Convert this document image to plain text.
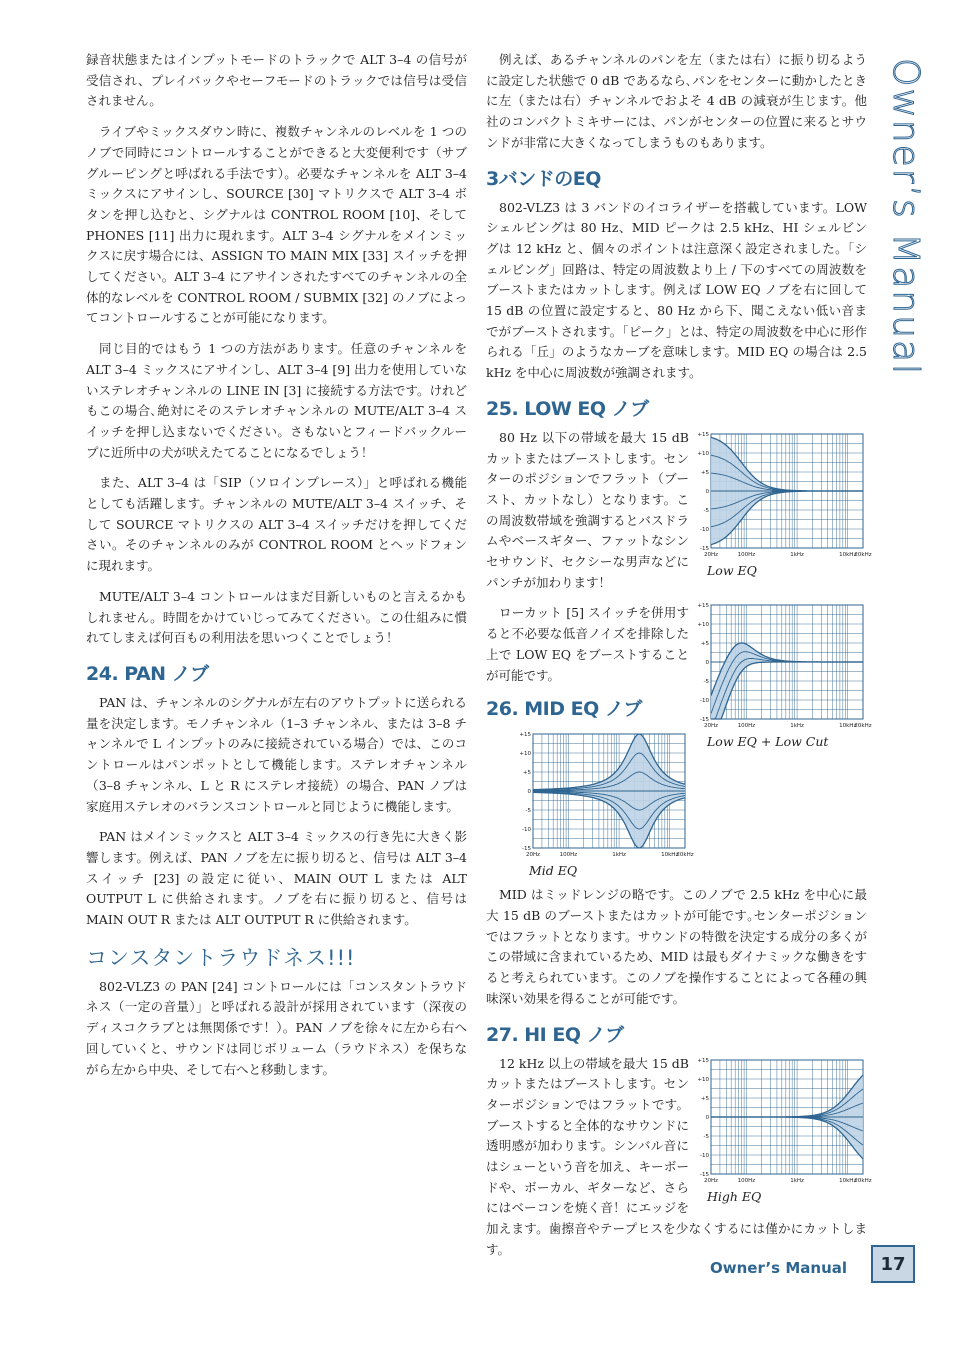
Owner’s Manual

録音状態またはインプットモードのトラックで ALT 3–4 の信号が受信され、プレイバックやセーフモードのトラックでは信号は受信されません。

ライブやミックスダウン時に、複数チャンネルのレベルを 1 つのノブで同時にコントロールすることができると大変便利です（サブグルーピングと呼ばれる手法です）。必要なチャンネルを ALT 3–4 ミックスにアサインし、SOURCE [30] マトリクスで ALT 3–4 ボタンを押し込むと、シグナルは CONTROL ROOM [10]、そして PHONES [11] 出力に現れます。ALT 3–4 シグナルをメインミックスに戻す場合には、ASSIGN TO MAIN MIX [33] スイッチを押してください。ALT 3–4 にアサインされたすべてのチャンネルの全体的なレベルを CONTROL ROOM / SUBMIX [32] のノブによってコントロールすることが可能になります。

同じ目的ではもう 1 つの方法があります。任意のチャンネルを ALT 3–4 ミックスにアサインし、ALT 3–4 [9] 出力を使用していないステレオチャンネルの LINE IN [3] に接続する方法です。けれどもこの場合､絶対にそのステレオチャンネルの MUTE/ALT 3–4 スイッチを押し込まないでください。さもないとフィードバックループに近所中の犬が吠えたてることになるでしょう！

また、ALT 3–4 は「SIP（ソロインプレース）」と呼ばれる機能としても活躍します。チャンネルの MUTE/ALT 3–4 スイッチ、そして SOURCE マトリクスの ALT 3–4 スイッチだけを押してください。そのチャンネルのみが CONTROL ROOM とヘッドフォンに現れます。

MUTE/ALT 3–4 コントロールはまだ目新しいものと言えるかもしれません。時間をかけていじってみてください。この仕組みに慣れてしまえば何百もの利用法を思いつくことでしょう！

24. PAN ノブ

PAN は、チャンネルのシグナルが左右のアウトプットに送られる量を決定します。モノチャンネル（1–3 チャンネル、または 3–8 チャンネルで L インプットのみに接続されている場合）では、このコントロールはパンポットとして機能します。ステレオチャンネル（3–8 チャンネル、L と R にステレオ接続）の場合、PAN ノブは家庭用ステレオのバランスコントロールと同じように機能します。

PAN はメインミックスと ALT 3–4 ミックスの行き先に大きく影響します。例えば、PAN ノブを左に振り切ると、信号は ALT 3–4 スイッチ [23] の設定に従い、MAIN OUT L または ALT OUTPUT L に供給されます。ノブを右に振り切ると、信号は MAIN OUT R または ALT OUTPUT R に供給されます。

コンスタントラウドネス!!!

802-VLZ3 の PAN [24] コントロールには「コンスタントラウドネス（一定の音量）」と呼ばれる設計が採用されています（深夜のディスコクラブとは無関係です！）。PAN ノブを徐々に左から右へ回していくと、サウンドは同じボリューム（ラウドネス）を保ちながら左から中央、そして右へと移動します。

例えば、あるチャンネルのパンを左（または右）に振り切るように設定した状態で 0 dB であるなら､パンをセンターに動かしたときに左（または右）チャンネルでおよそ 4 dB の減衰が生じます。他社のコンパクトミキサーには、パンがセンターの位置に来るとサウンドが非常に大きくなってしまうものもあります。

3バンドのEQ

802-VLZ3 は 3 バンドのイコライザーを搭載しています。LOW シェルビングは 80 Hz、MID ピークは 2.5 kHz、HI シェルビングは 12 kHz と、個々のポイントは注意深く設定されました。「シェルビング」回路は、特定の周波数より上 / 下のすべての周波数をブーストまたはカットします。例えば LOW EQ ノブを右に回して 15 dB の位置に設定すると、80 Hz から下、聞こえない低い音までがブーストされます。「ピーク」とは、特定の周波数を中心に形作られる「丘」のようなカーブを意味します。MID EQ の場合は 2.5 kHz を中心に周波数が強調されます。

25. LOW EQ ノブ
+15
+10
+5
0
-5
-10
-15
20Hz	100Hz	1kHz	10kHz
20kHz
Low EQ
+15
+10
+5
0
-5
-10
-15
20Hz	100Hz	1kHz	10kHz
20kHz
Low EQ + Low Cut

80 Hz 以下の帯域を最大 15 dB カットまたはブーストします。センターのポジションでフラット（ブースト、カットなし）となります。この周波数帯域を強調するとバスドラムやベースギター、ファットなシンセサウンド、セクシーな男声などにパンチが加わります！

ローカット [5] スイッチを併用すると不必要な低音ノイズを排除した上で LOW EQ をブーストすることが可能です。

26. MID EQ ノブ
+15
+10
+5
0
-5
-10
-15
20Hz	100Hz	1kHz	10kHz
20kHz
Mid EQ

MID はミッドレンジの略です。このノブで 2.5 kHz を中心に最大 15 dB のブーストまたはカットが可能です｡センターポジションではフラットとなります。サウンドの特徴を決定する成分の多くがこの帯域に含まれているため、MID は最もダイナミックな働きをすると考えられています。このノブを操作することによって各種の興味深い効果を得ることが可能です。

27. HI EQ ノブ
+15
+10
+5
0
-5
-10
-15
20Hz	100Hz	1kHz	10kHz
20kHz
High EQ

12 kHz 以上の帯域を最大 15 dB カットまたはブーストします。センターポジションではフラットです。ブーストすると全体的なサウンドに透明感が加わります。シンバル音にはシューという音を加え、キーボードや、ボーカル、ギターなど、さらにはベーコンを焼く音！にエッジを加えます。歯擦音やテープヒスを少なくするには僅かにカットします。

Owner’s Manual 17
